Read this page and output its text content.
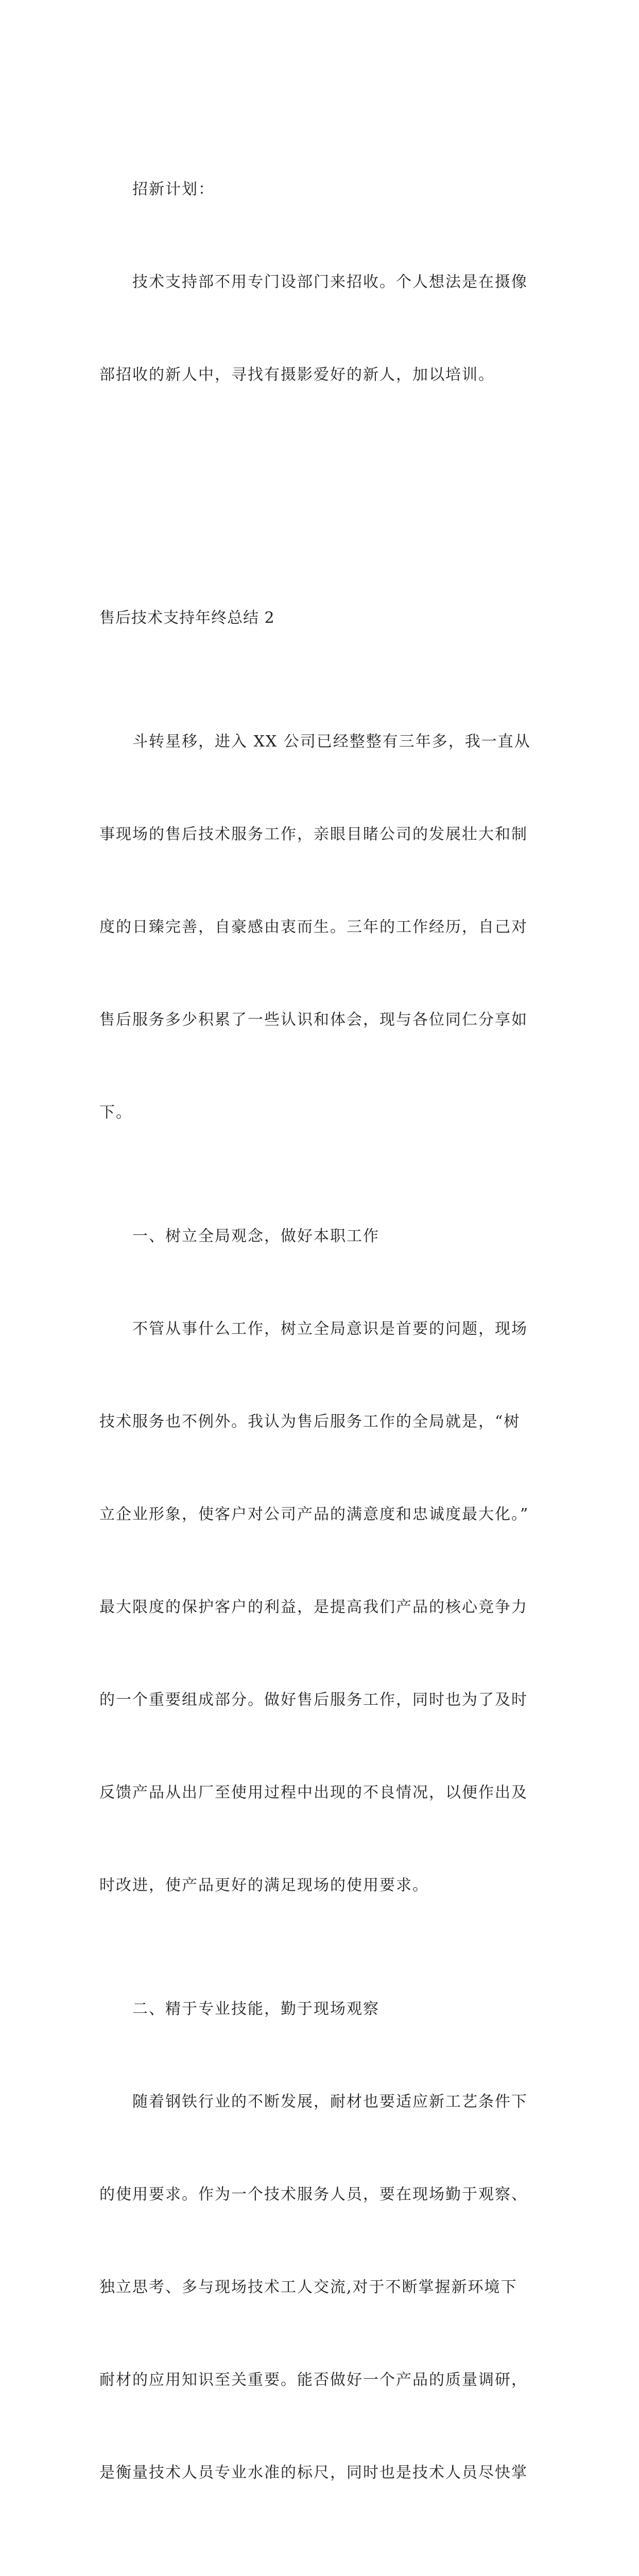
招新计划：

技术支持部不用专门设部门来招收。个人想法是在摄像

部招收的新人中，寻找有摄影爱好的新人，加以培训。

售后技术支持年终总结 2

斗转星移，进入 XX 公司已经整整有三年多，我一直从

事现场的售后技术服务工作，亲眼目睹公司的发展壮大和制

度的日臻完善，自豪感由衷而生。三年的工作经历，自己对

售后服务多少积累了一些认识和体会，现与各位同仁分享如

下。

一、树立全局观念，做好本职工作

不管从事什么工作，树立全局意识是首要的问题，现场

技术服务也不例外。我认为售后服务工作的全局就是，“树

立企业形象，使客户对公司产品的满意度和忠诚度最大化。”

最大限度的保护客户的利益，是提高我们产品的核心竞争力

的一个重要组成部分。做好售后服务工作，同时也为了及时

反馈产品从出厂至使用过程中出现的不良情况，以便作出及

时改进，使产品更好的满足现场的使用要求。

二、精于专业技能，勤于现场观察

随着钢铁行业的不断发展，耐材也要适应新工艺条件下

的使用要求。作为一个技术服务人员，要在现场勤于观察、

独立思考、多与现场技术工人交流,对于不断掌握新环境下

耐材的应用知识至关重要。能否做好一个产品的质量调研，

是衡量技术人员专业水准的标尺，同时也是技术人员尽快掌
